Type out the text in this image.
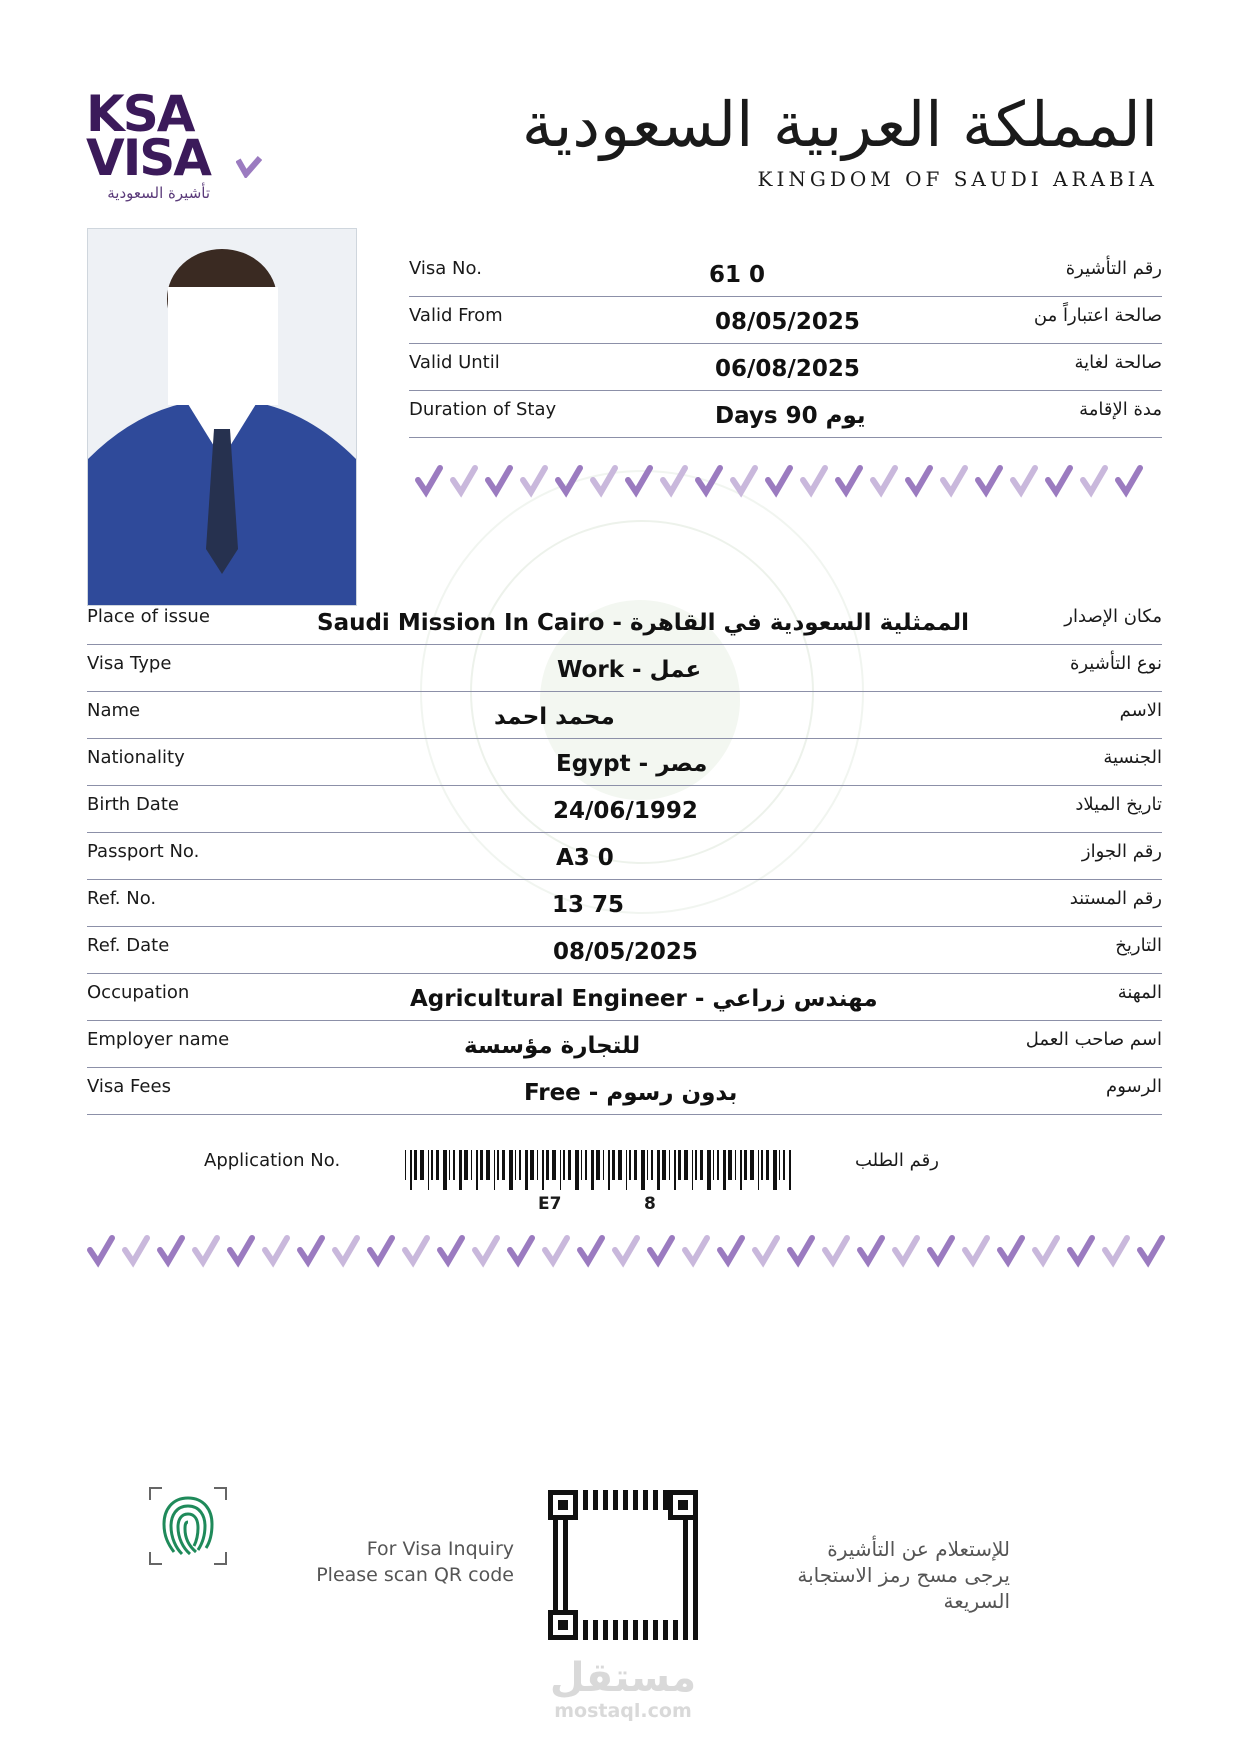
KSA
VISA
تأشيرة السعودية
المملكة العربية السعودية
KINGDOM OF SAUDI ARABIA
Visa No.	61 0	رقم التأشيرة
Valid From	08/05/2025	صالحة اعتباراً من
Valid Until	06/08/2025	صالحة لغاية
Duration of Stay	Days 90 يوم	مدة الإقامة
Place of issue	Saudi Mission In Cairo - الممثلية السعودية في القاهرة	مكان الإصدار
Visa Type	Work - عمل	نوع التأشيرة
Name	محمد احمد	الاسم
Nationality	Egypt - مصر	الجنسية
Birth Date	24/06/1992	تاريخ الميلاد
Passport No.	A3 0	رقم الجواز
Ref. No.	13 75	رقم المستند
Ref. Date	08/05/2025	التاريخ
Occupation	Agricultural Engineer - مهندس زراعي	المهنة
Employer name	للتجارة مؤسسة	اسم صاحب العمل
Visa Fees	Free - بدون رسوم	الرسوم
Application No.	رقم الطلب
E7	8
For Visa Inquiry
Please scan QR code
للإستعلام عن التأشيرة
يرجى مسح رمز الاستجابة السريعة
مستقل
mostaql.com
